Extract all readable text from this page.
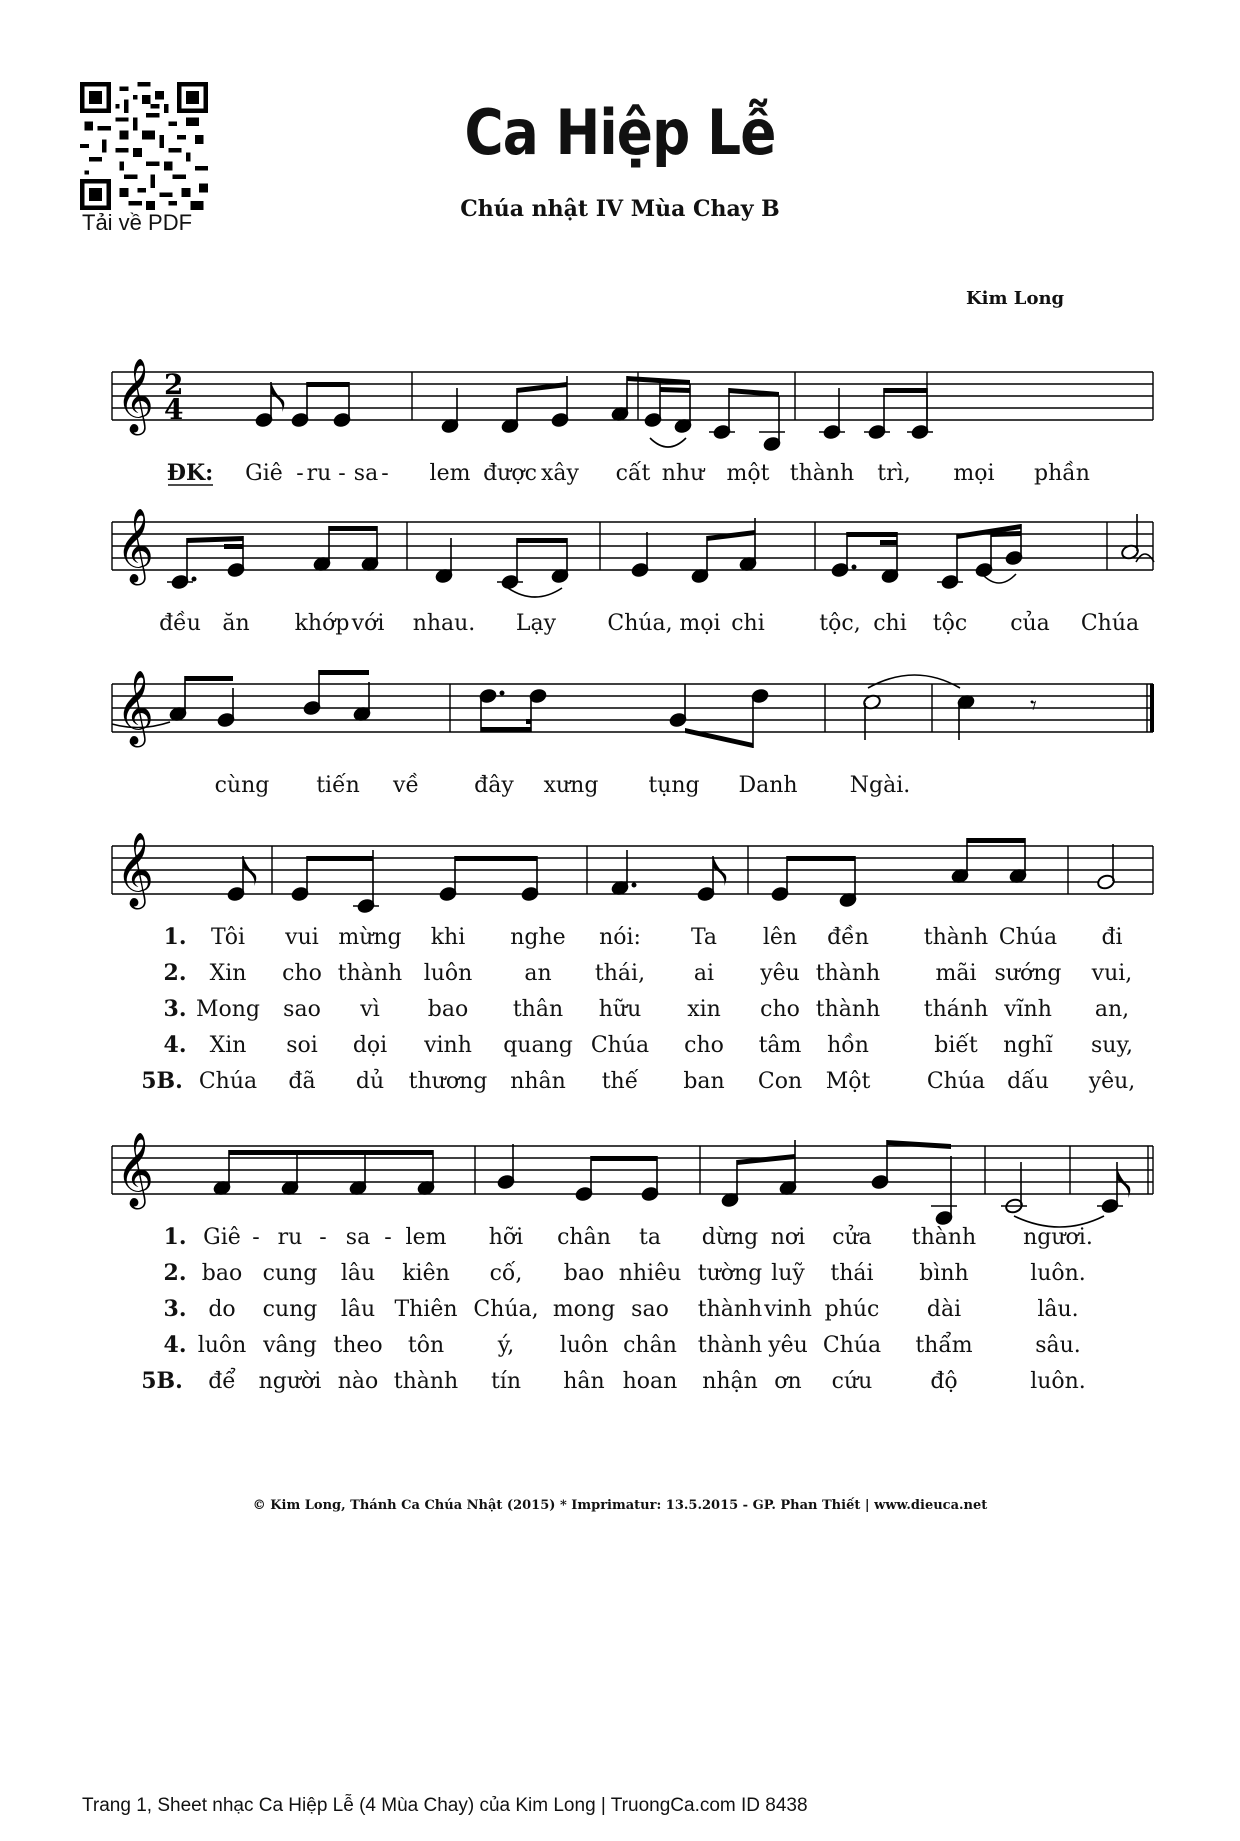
Tải về PDF
Ca Hiệp Lễ
Chúa nhật IV Mùa Chay B
Kim Long
𝄞 2
4
𝄞
𝄞
𝄞
𝄞
𝄾
ĐK: Giê - ru - sa - lem được xây cất như một thành trì, mọi phần
đều ăn khớp với nhau. Lạy Chúa, mọi chi tộc, chi tộc của Chúa
cùng tiến về	đây xưng tụng Danh Ngài.
1. Tôi vui mừng khi nghe nói: Ta lên đền thành Chúa đi
2. Xin cho thành luôn an thái, ai yêu thành	mãi sướng vui,
3. Mong sao vì bao thân hữu xin cho thành thánh vĩnh an,
4. Xin soi dọi vinh quang Chúa cho tâm hồn	biết nghĩ suy,
5B. Chúa đã dủ thương nhân thế ban Con Một	Chúa dấu yêu,
1. Giê - ru - sa - lem hỡi chân ta dừng nơi cửa thành ngươi.
2. bao cung lâu kiên cố, bao nhiêu tường luỹ thái bình	luôn.
3. do cung lâu Thiên Chúa, mong sao thành vinh phúc dài	lâu.
4. luôn vâng theo tôn ý, luôn chân thành yêu Chúa thẩm	sâu.
5B. để người nào thành tín hân hoan nhận ơn cứu	độ	luôn.
© Kim Long, Thánh Ca Chúa Nhật (2015) * Imprimatur: 13.5.2015 - GP. Phan Thiết | www.dieuca.net
Trang 1, Sheet nhạc Ca Hiệp Lễ (4 Mùa Chay) của Kim Long | TruongCa.com ID 8438
